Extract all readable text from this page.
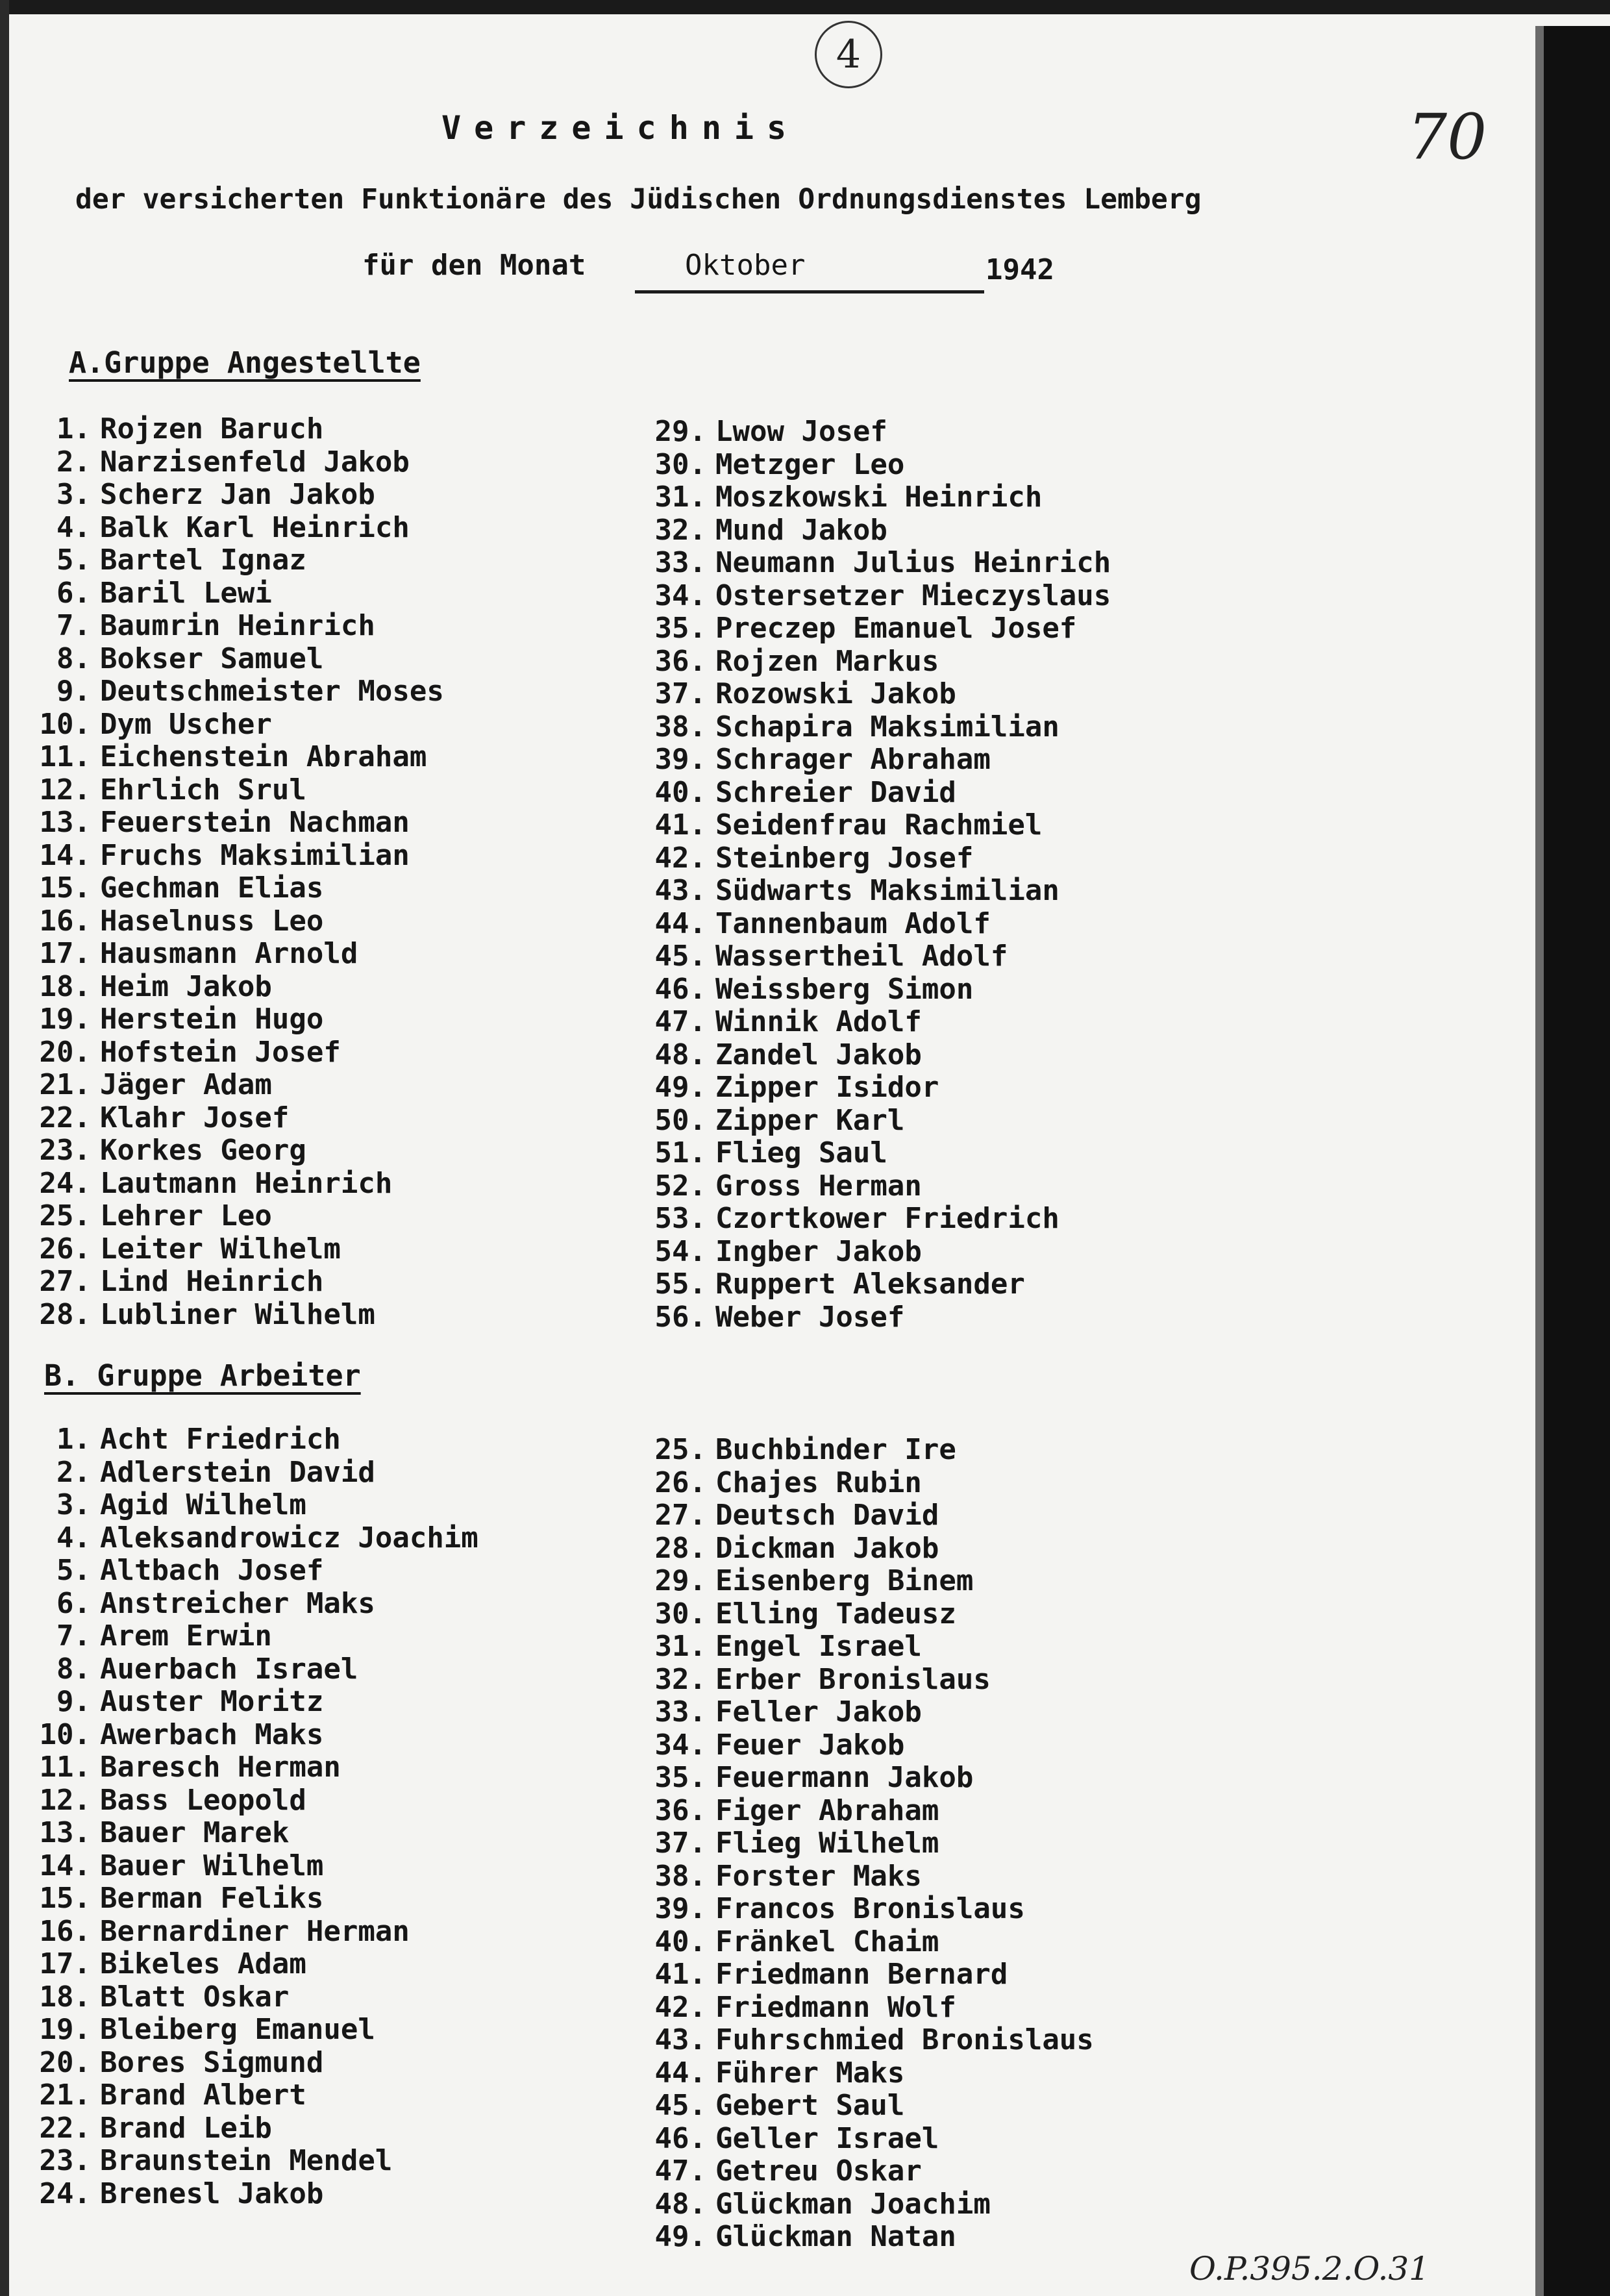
4
70
Verzeichnis
der versicherten Funktionäre des Jüdischen Ordnungsdienstes Lemberg
für den Monat	Oktober	1942
A.Gruppe Angestellte
1. Rojzen Baruch
2. Narzisenfeld Jakob
3. Scherz Jan Jakob
4. Balk Karl Heinrich
5. Bartel Ignaz
6. Baril Lewi
7. Baumrin Heinrich
8. Bokser Samuel
9. Deutschmeister Moses
10. Dym Uscher
11. Eichenstein Abraham
12. Ehrlich Srul
13. Feuerstein Nachman
14. Fruchs Maksimilian
15. Gechman Elias
16. Haselnuss Leo
17. Hausmann Arnold
18. Heim Jakob
19. Herstein Hugo
20. Hofstein Josef
21. Jäger Adam
22. Klahr Josef
23. Korkes Georg
24. Lautmann Heinrich
25. Lehrer Leo
26. Leiter Wilhelm
27. Lind Heinrich
28. Lubliner Wilhelm
29. Lwow Josef
30. Metzger Leo
31. Moszkowski Heinrich
32. Mund Jakob
33. Neumann Julius Heinrich
34. Ostersetzer Mieczyslaus
35. Preczep Emanuel Josef
36. Rojzen Markus
37. Rozowski Jakob
38. Schapira Maksimilian
39. Schrager Abraham
40. Schreier David
41. Seidenfrau Rachmiel
42. Steinberg Josef
43. Südwarts Maksimilian
44. Tannenbaum Adolf
45. Wassertheil Adolf
46. Weissberg Simon
47. Winnik Adolf
48. Zandel Jakob
49. Zipper Isidor
50. Zipper Karl
51. Flieg Saul
52. Gross Herman
53. Czortkower Friedrich
54. Ingber Jakob
55. Ruppert Aleksander
56. Weber Josef
B. Gruppe Arbeiter
1. Acht Friedrich
2. Adlerstein David
3. Agid Wilhelm
4. Aleksandrowicz Joachim
5. Altbach Josef
6. Anstreicher Maks
7. Arem Erwin
8. Auerbach Israel
9. Auster Moritz
10. Awerbach Maks
11. Baresch Herman
12. Bass Leopold
13. Bauer Marek
14. Bauer Wilhelm
15. Berman Feliks
16. Bernardiner Herman
17. Bikeles Adam
18. Blatt Oskar
19. Bleiberg Emanuel
20. Bores Sigmund
21. Brand Albert
22. Brand Leib
23. Braunstein Mendel
24. Brenesl Jakob
25. Buchbinder Ire
26. Chajes Rubin
27. Deutsch David
28. Dickman Jakob
29. Eisenberg Binem
30. Elling Tadeusz
31. Engel Israel
32. Erber Bronislaus
33. Feller Jakob
34. Feuer Jakob
35. Feuermann Jakob
36. Figer Abraham
37. Flieg Wilhelm
38. Forster Maks
39. Francos Bronislaus
40. Fränkel Chaim
41. Friedmann Bernard
42. Friedmann Wolf
43. Fuhrschmied Bronislaus
44. Führer Maks
45. Gebert Saul
46. Geller Israel
47. Getreu Oskar
48. Glückman Joachim
49. Glückman Natan
O.P.395.2.O.31
